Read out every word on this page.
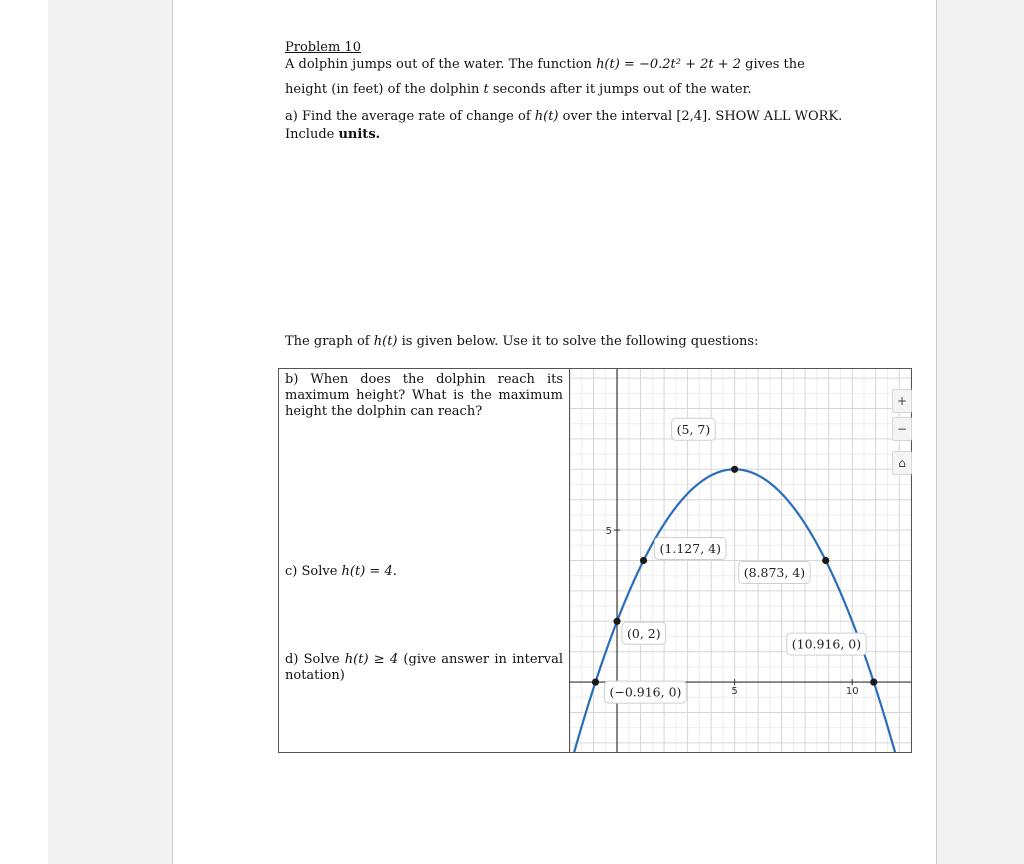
Problem 10
A dolphin jumps out of the water. The function h(t) = −0.2t² + 2t + 2 gives the
height (in feet) of the dolphin t seconds after it jumps out of the water.
a) Find the average rate of change of h(t) over the interval [2,4]. SHOW ALL WORK.
Include units.
The graph of h(t) is given below. Use it to solve the following questions:
b) When does the dolphin reach its maximum height? What is the maximum height the dolphin can reach?
c) Solve h(t) = 4.
d) Solve h(t) ≥ 4 (give answer in interval notation)
5	10
5
(5, 7)
(1.127, 4)
(8.873, 4)
(0, 2)
(10.916, 0)
(−0.916, 0)
+
−
⌂
